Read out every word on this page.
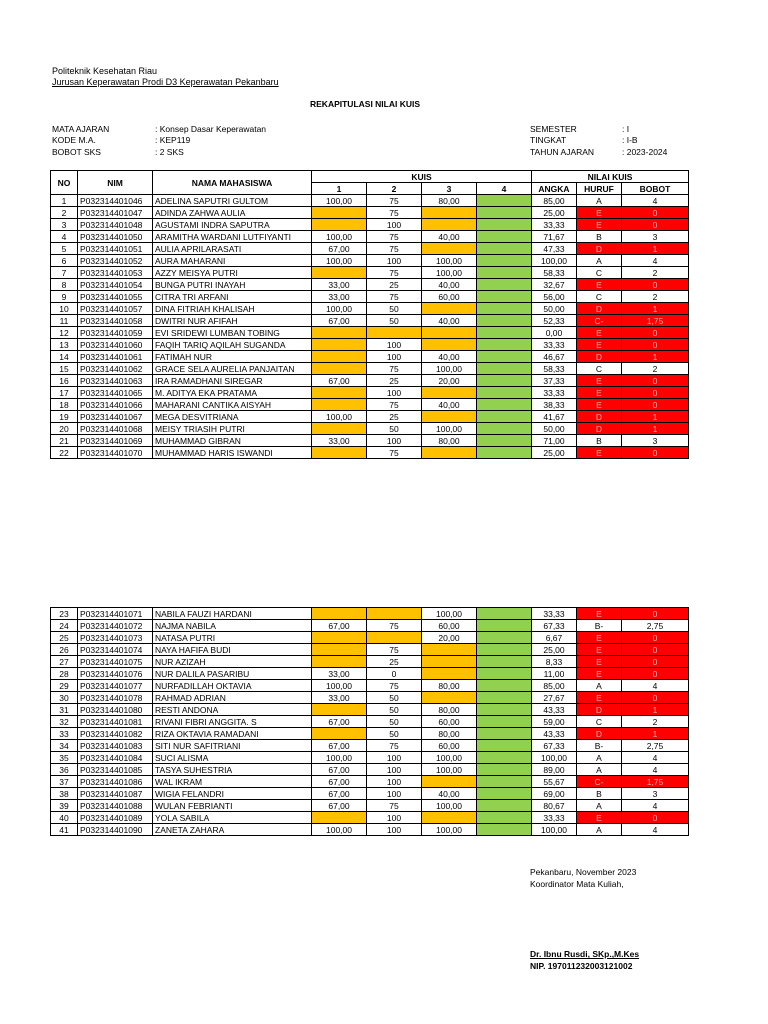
Politeknik Kesehatan Riau
Jurusan Keperawatan Prodi D3 Keperawatan Pekanbaru
REKAPITULASI NILAI KUIS
MATA AJARAN	: Konsep Dasar Keperawatan
KODE M.A.	: KEP119
BOBOT SKS	: 2 SKS
SEMESTER	: I
TINGKAT	: I-B
TAHUN AJARAN	: 2023-2024
NO	NIM	NAMA MAHASISWA	KUIS				NILAI KUIS		
			1	2	3	4	ANGKA	HURUF	BOBOT
1	P032314401046	ADELINA SAPUTRI GULTOM	100,00	75	80,00		85,00	A	4
2	P032314401047	ADINDA ZAHWA AULIA		75			25,00	E	0
3	P032314401048	AGUSTAMI INDRA SAPUTRA		100			33,33	E	0
4	P032314401050	ARAMITHA WARDANI LUTFIYANTI	100,00	75	40,00		71,67	B	3
5	P032314401051	AULIA APRILARASATI	67,00	75			47,33	D	1
6	P032314401052	AURA MAHARANI	100,00	100	100,00		100,00	A	4
7	P032314401053	AZZY MEISYA PUTRI		75	100,00		58,33	C	2
8	P032314401054	BUNGA PUTRI INAYAH	33,00	25	40,00		32,67	E	0
9	P032314401055	CITRA TRI ARFANI	33,00	75	60,00		56,00	C	2
10	P032314401057	DINA FITRIAH KHALISAH	100,00	50			50,00	D	1
11	P032314401058	DWITRI NUR AFIFAH	67,00	50	40,00		52,33	C-	1,75
12	P032314401059	EVI SRIDEWI LUMBAN TOBING					0,00	E	0
13	P032314401060	FAQIH TARIQ AQILAH SUGANDA		100			33,33	E	0
14	P032314401061	FATIMAH NUR		100	40,00		46,67	D	1
15	P032314401062	GRACE SELA AURELIA PANJAITAN		75	100,00		58,33	C	2
16	P032314401063	IRA RAMADHANI SIREGAR	67,00	25	20,00		37,33	E	0
17	P032314401065	M. ADITYA EKA PRATAMA		100			33,33	E	0
18	P032314401066	MAHARANI CANTIKA AISYAH		75	40,00		38,33	E	0
19	P032314401067	MEGA DESVITRIANA	100,00	25			41,67	D	1
20	P032314401068	MEISY TRIASIH PUTRI		50	100,00		50,00	D	1
21	P032314401069	MUHAMMAD GIBRAN	33,00	100	80,00		71,00	B	3
22	P032314401070	MUHAMMAD HARIS ISWANDI		75			25,00	E	0
23	P032314401071	NABILA FAUZI HARDANI			100,00		33,33	E	0
24	P032314401072	NAJMA NABILA	67,00	75	60,00		67,33	B-	2,75
25	P032314401073	NATASA PUTRI			20,00		6,67	E	0
26	P032314401074	NAYA HAFIFA BUDI		75			25,00	E	0
27	P032314401075	NUR AZIZAH		25			8,33	E	0
28	P032314401076	NUR DALILA PASARIBU	33,00	0			11,00	E	0
29	P032314401077	NURFADILLAH OKTAVIA	100,00	75	80,00		85,00	A	4
30	P032314401078	RAHMAD ADRIAN	33,00	50			27,67	E	0
31	P032314401080	RESTI ANDONA		50	80,00		43,33	D	1
32	P032314401081	RIVANI FIBRI ANGGITA. S	67,00	50	60,00		59,00	C	2
33	P032314401082	RIZA OKTAVIA RAMADANI		50	80,00		43,33	D	1
34	P032314401083	SITI NUR SAFITRIANI	67,00	75	60,00		67,33	B-	2,75
35	P032314401084	SUCI ALISMA	100,00	100	100,00		100,00	A	4
36	P032314401085	TASYA SUHESTRIA	67,00	100	100,00		89,00	A	4
37	P032314401086	WAL IKRAM	67,00	100			55,67	C-	1,75
38	P032314401087	WIGIA FELANDRI	67,00	100	40,00		69,00	B	3
39	P032314401088	WULAN FEBRIANTI	67,00	75	100,00		80,67	A	4
40	P032314401089	YOLA SABILA		100			33,33	E	0
41	P032314401090	ZANETA ZAHARA	100,00	100	100,00		100,00	A	4
Pekanbaru, November 2023
Koordinator Mata Kuliah,
Dr. Ibnu Rusdi, SKp.,M.Kes
NIP. 197011232003121002
